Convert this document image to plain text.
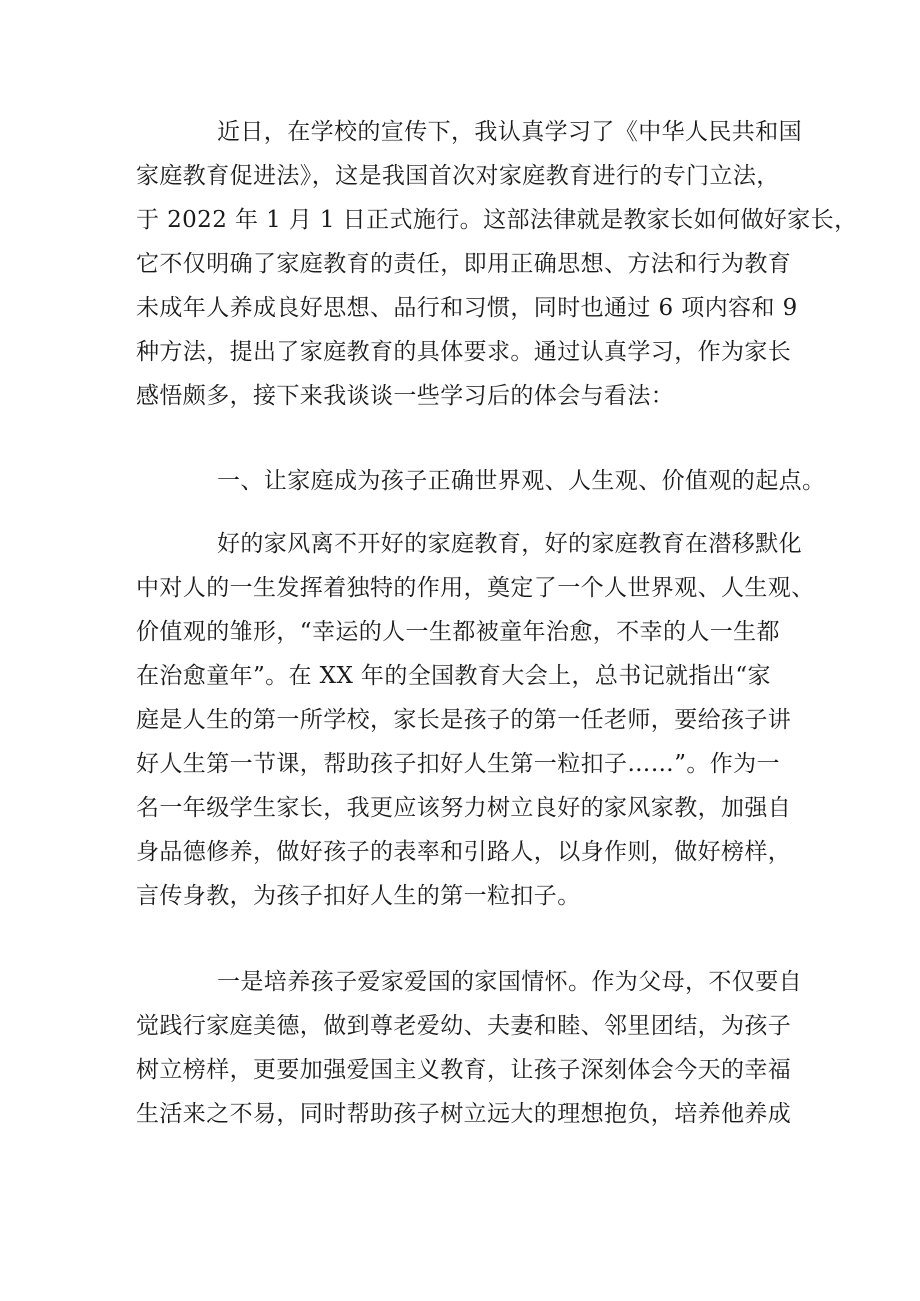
近日，在学校的宣传下，我认真学习了《中华人民共和国
家庭教育促进法》，这是我国首次对家庭教育进行的专门立法，
于 2022 年 1 月 1 日正式施行。这部法律就是教家长如何做好家长，
它不仅明确了家庭教育的责任，即用正确思想、方法和行为教育
未成年人养成良好思想、品行和习惯，同时也通过 6 项内容和 9
种方法，提出了家庭教育的具体要求。通过认真学习，作为家长
感悟颇多，接下来我谈谈一些学习后的体会与看法：
一、让家庭成为孩子正确世界观、人生观、价值观的起点。
好的家风离不开好的家庭教育，好的家庭教育在潜移默化
中对人的一生发挥着独特的作用，奠定了一个人世界观、人生观、
价值观的雏形，“幸运的人一生都被童年治愈，不幸的人一生都
在治愈童年”。在 XX 年的全国教育大会上，总书记就指出“家
庭是人生的第一所学校，家长是孩子的第一任老师，要给孩子讲
好人生第一节课，帮助孩子扣好人生第一粒扣子……”。作为一
名一年级学生家长，我更应该努力树立良好的家风家教，加强自
身品德修养，做好孩子的表率和引路人，以身作则，做好榜样，
言传身教，为孩子扣好人生的第一粒扣子。
一是培养孩子爱家爱国的家国情怀。作为父母，不仅要自
觉践行家庭美德，做到尊老爱幼、夫妻和睦、邻里团结，为孩子
树立榜样，更要加强爱国主义教育，让孩子深刻体会今天的幸福
生活来之不易，同时帮助孩子树立远大的理想抱负，培养他养成
